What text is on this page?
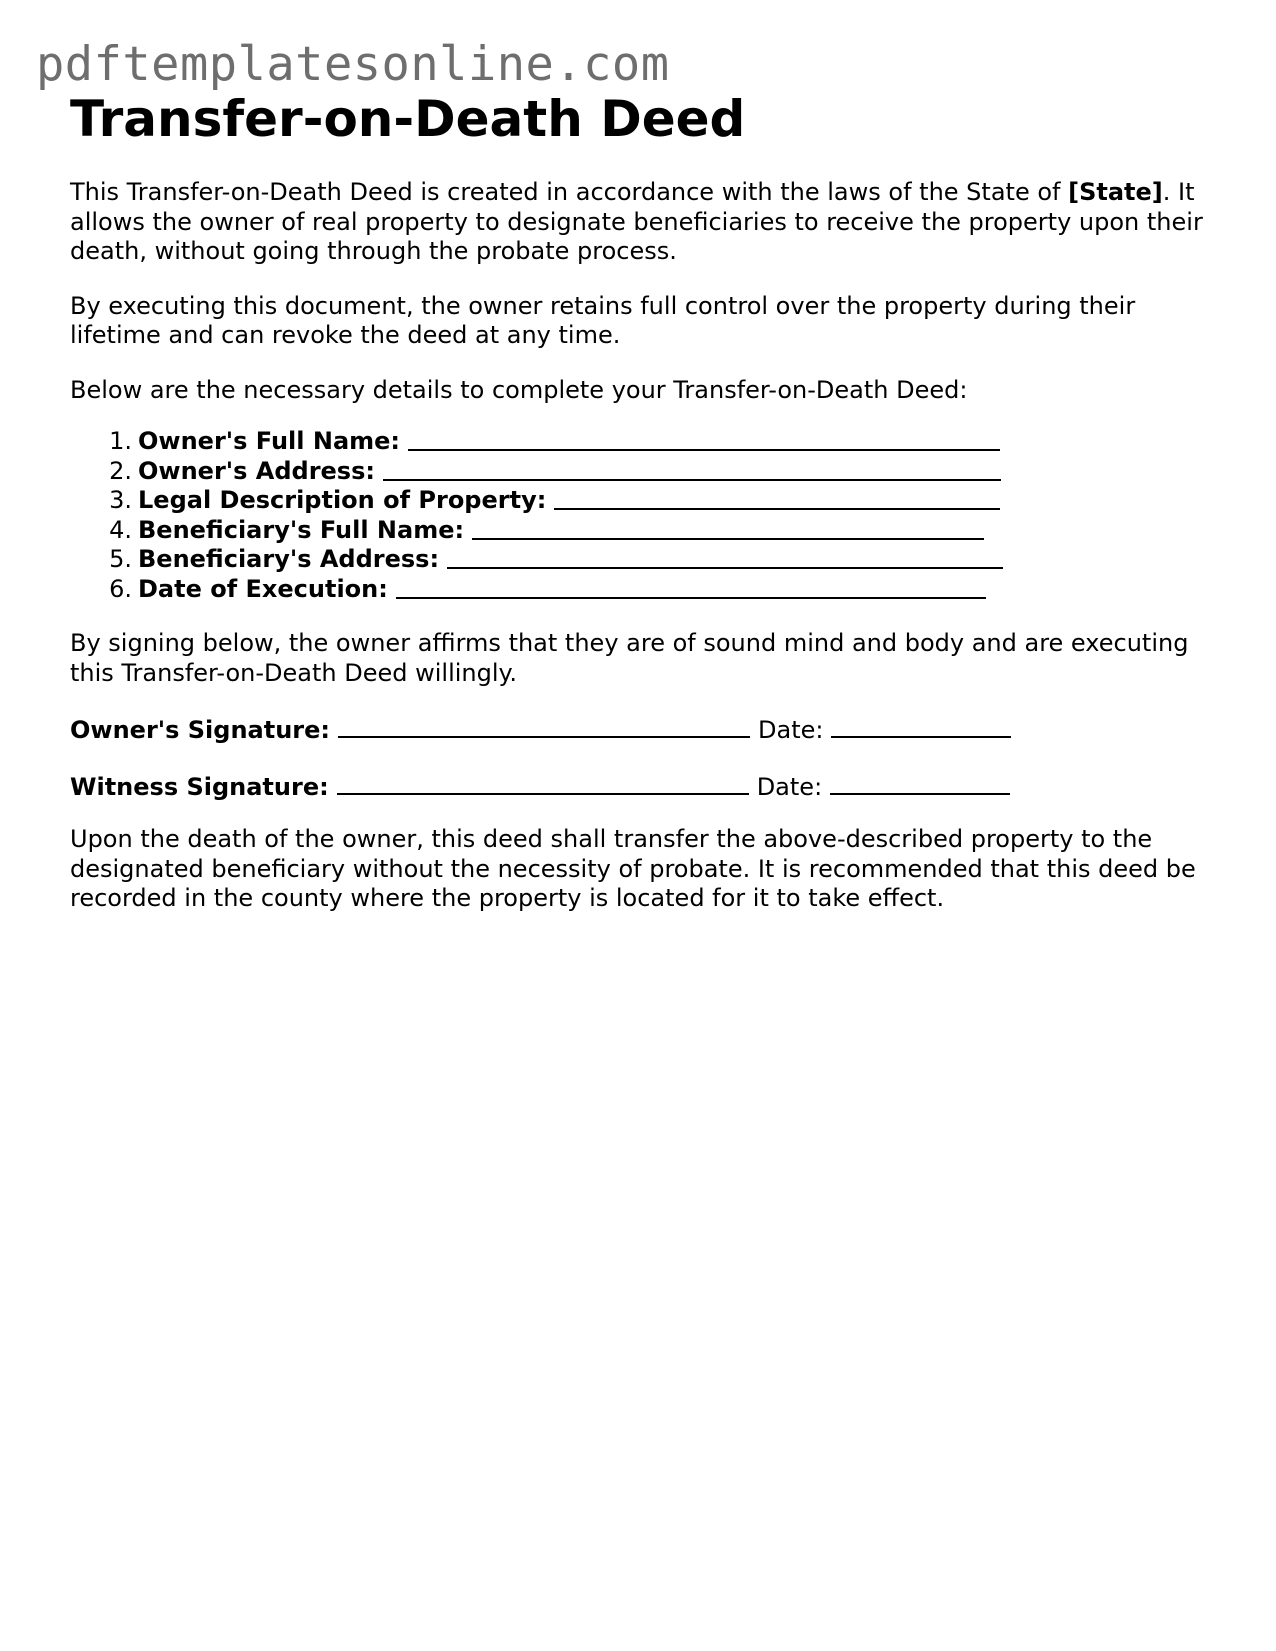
pdftemplatesonline.com
Transfer-on-Death Deed

This Transfer-on-Death Deed is created in accordance with the laws of the State of [State]. It allows the owner of real property to designate beneficiaries to receive the property upon their death, without going through the probate process.

By executing this document, the owner retains full control over the property during their lifetime and can revoke the deed at any time.

Below are the necessary details to complete your Transfer-on-Death Deed:

1. Owner's Full Name:
2. Owner's Address:
3. Legal Description of Property:
4. Beneficiary's Full Name:
5. Beneficiary's Address:
6. Date of Execution:

By signing below, the owner affirms that they are of sound mind and body and are executing this Transfer-on-Death Deed willingly.

Owner's Signature:	Date:
Witness Signature:	Date:

Upon the death of the owner, this deed shall transfer the above-described property to the designated beneficiary without the necessity of probate. It is recommended that this deed be recorded in the county where the property is located for it to take effect.
